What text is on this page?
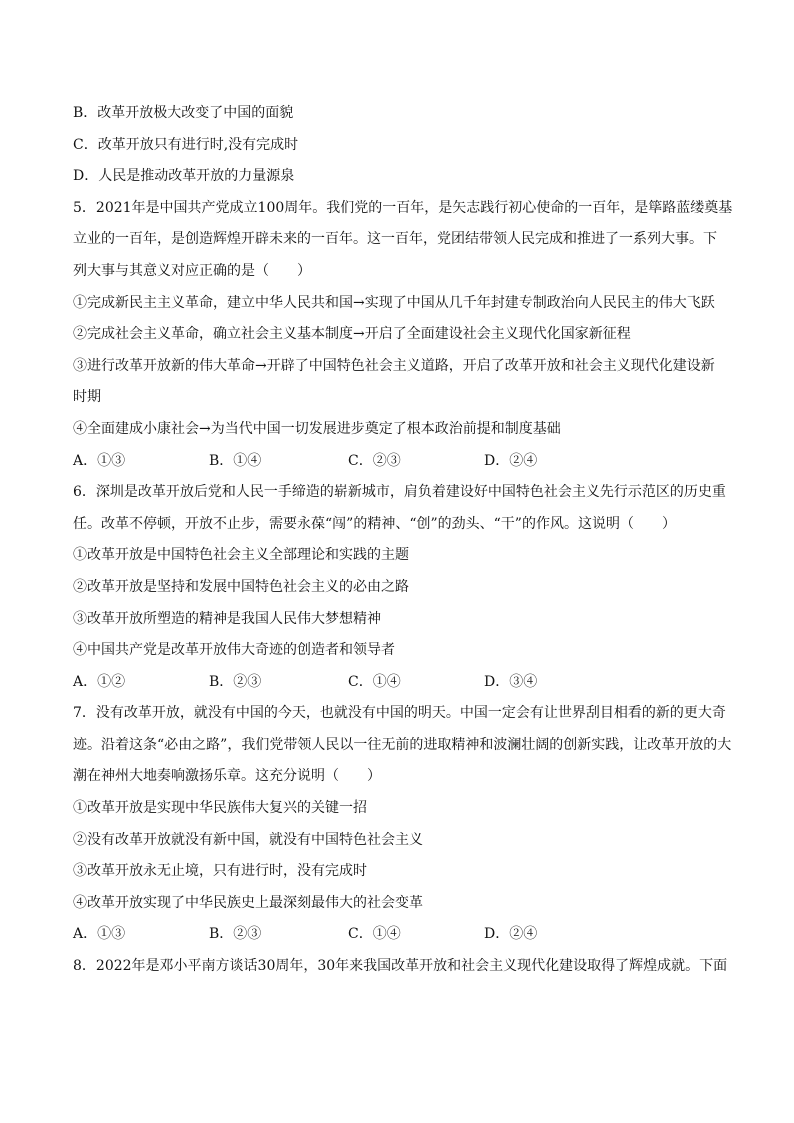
B．改革开放极大改变了中国的面貌
C．改革开放只有进行时,没有完成时
D．人民是推动改革开放的力量源泉
5．2021年是中国共产党成立100周年。我们党的一百年，是矢志践行初心使命的一百年，是筚路蓝缕奠基
立业的一百年，是创造辉煌开辟未来的一百年。这一百年，党团结带领人民完成和推进了一系列大事。下
列大事与其意义对应正确的是（　　）
①完成新民主主义革命，建立中华人民共和国→实现了中国从几千年封建专制政治向人民民主的伟大飞跃
②完成社会主义革命，确立社会主义基本制度→开启了全面建设社会主义现代化国家新征程
③进行改革开放新的伟大革命→开辟了中国特色社会主义道路，开启了改革开放和社会主义现代化建设新
时期
④全面建成小康社会→为当代中国一切发展进步奠定了根本政治前提和制度基础
A．①③	B．①④	C．②③	D．②④
6．深圳是改革开放后党和人民一手缔造的崭新城市，肩负着建设好中国特色社会主义先行示范区的历史重
任。改革不停顿，开放不止步，需要永葆“闯”的精神、“创”的劲头、“干”的作风。这说明（　　）
①改革开放是中国特色社会主义全部理论和实践的主题
②改革开放是坚持和发展中国特色社会主义的必由之路
③改革开放所塑造的精神是我国人民伟大梦想精神
④中国共产党是改革开放伟大奇迹的创造者和领导者
A．①②	B．②③	C．①④	D．③④
7．没有改革开放，就没有中国的今天，也就没有中国的明天。中国一定会有让世界刮目相看的新的更大奇
迹。沿着这条“必由之路”，我们党带领人民以一往无前的进取精神和波澜壮阔的创新实践，让改革开放的大
潮在神州大地奏响激扬乐章。这充分说明（　　）
①改革开放是实现中华民族伟大复兴的关键一招
②没有改革开放就没有新中国，就没有中国特色社会主义
③改革开放永无止境，只有进行时，没有完成时
④改革开放实现了中华民族史上最深刻最伟大的社会变革
A．①③	B．②③	C．①④	D．②④
8．2022年是邓小平南方谈话30周年，30年来我国改革开放和社会主义现代化建设取得了辉煌成就。下面
